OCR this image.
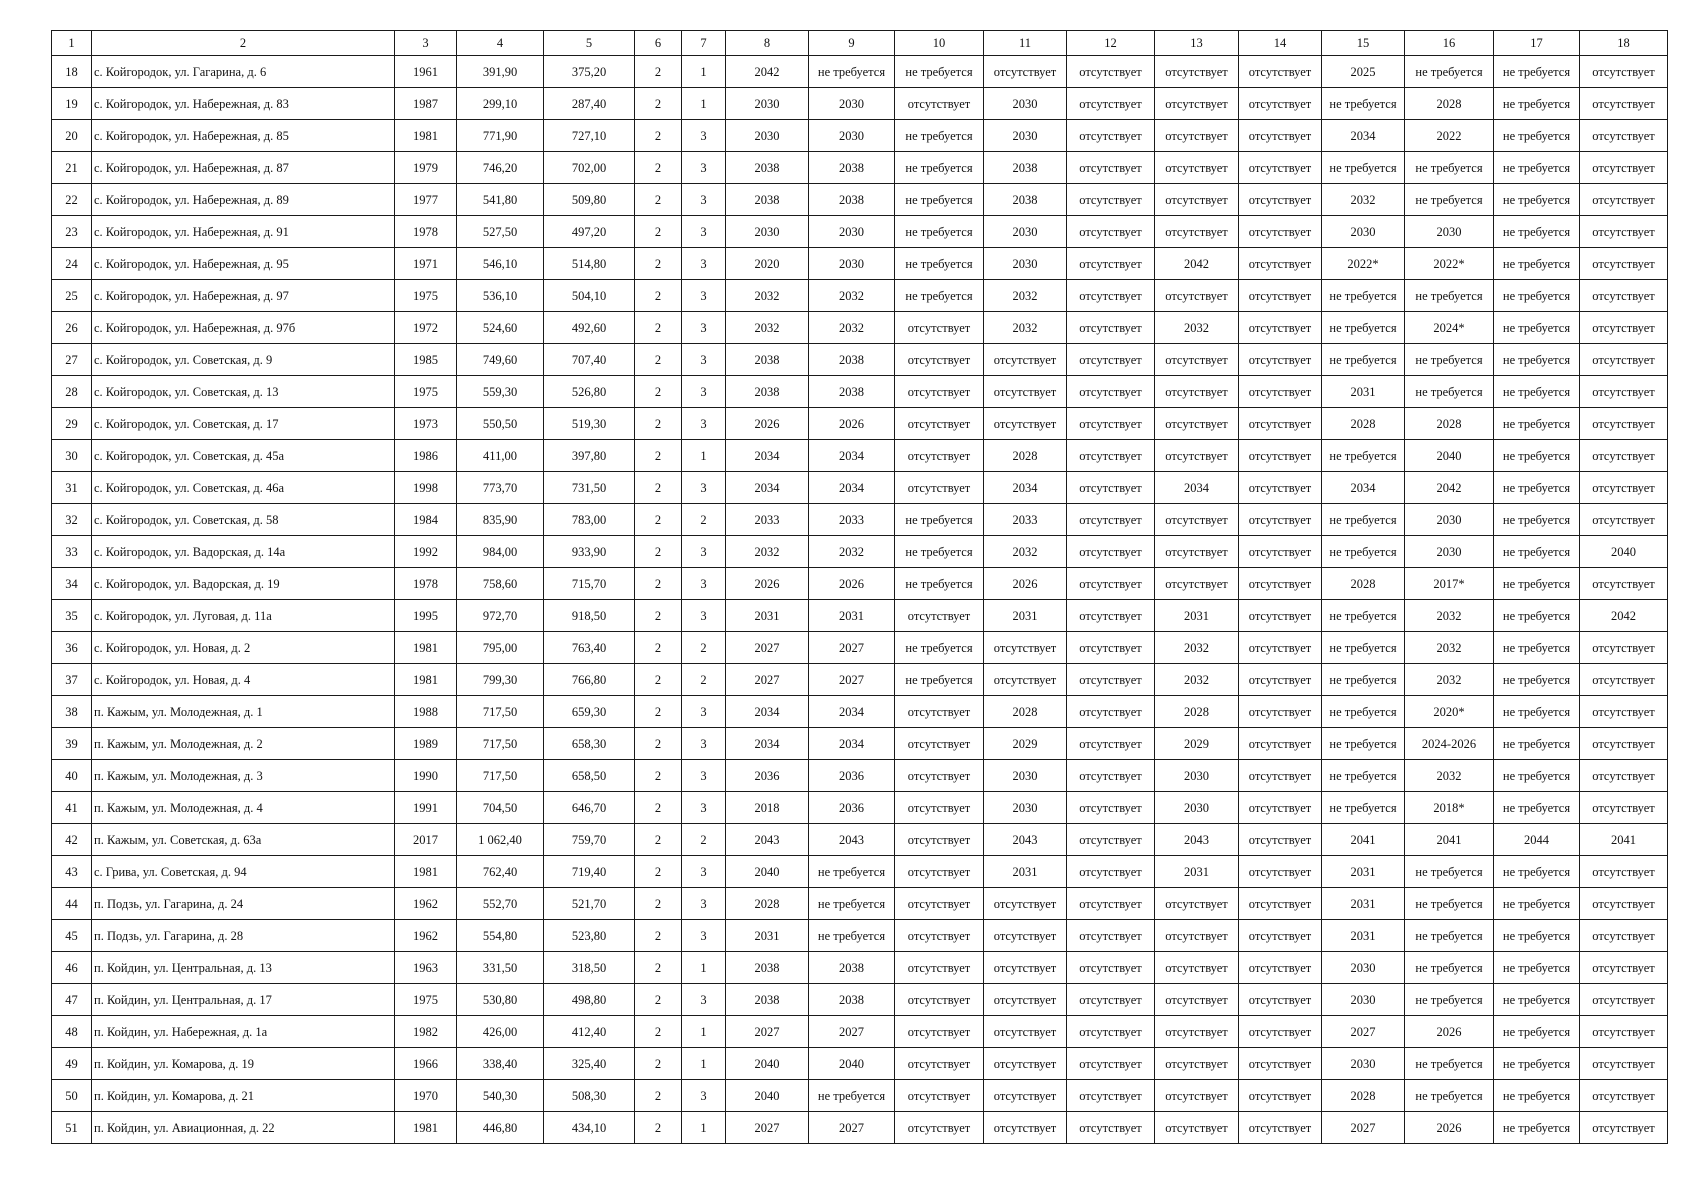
1	2	3	4	5	6	7	8	9	10	11	12	13	14	15	16	17	18
18	с. Койгородок, ул. Гагарина, д. 6	1961	391,90	375,20	2	1	2042	не требуется	не требуется	отсутствует	отсутствует	отсутствует	отсутствует	2025	не требуется	не требуется	отсутствует
19	с. Койгородок, ул. Набережная, д. 83	1987	299,10	287,40	2	1	2030	2030	отсутствует	2030	отсутствует	отсутствует	отсутствует	не требуется	2028	не требуется	отсутствует
20	с. Койгородок, ул. Набережная, д. 85	1981	771,90	727,10	2	3	2030	2030	не требуется	2030	отсутствует	отсутствует	отсутствует	2034	2022	не требуется	отсутствует
21	с. Койгородок, ул. Набережная, д. 87	1979	746,20	702,00	2	3	2038	2038	не требуется	2038	отсутствует	отсутствует	отсутствует	не требуется	не требуется	не требуется	отсутствует
22	с. Койгородок, ул. Набережная, д. 89	1977	541,80	509,80	2	3	2038	2038	не требуется	2038	отсутствует	отсутствует	отсутствует	2032	не требуется	не требуется	отсутствует
23	с. Койгородок, ул. Набережная, д. 91	1978	527,50	497,20	2	3	2030	2030	не требуется	2030	отсутствует	отсутствует	отсутствует	2030	2030	не требуется	отсутствует
24	с. Койгородок, ул. Набережная, д. 95	1971	546,10	514,80	2	3	2020	2030	не требуется	2030	отсутствует	2042	отсутствует	2022*	2022*	не требуется	отсутствует
25	с. Койгородок, ул. Набережная, д. 97	1975	536,10	504,10	2	3	2032	2032	не требуется	2032	отсутствует	отсутствует	отсутствует	не требуется	не требуется	не требуется	отсутствует
26	с. Койгородок, ул. Набережная, д. 97б	1972	524,60	492,60	2	3	2032	2032	отсутствует	2032	отсутствует	2032	отсутствует	не требуется	2024*	не требуется	отсутствует
27	с. Койгородок, ул. Советская, д. 9	1985	749,60	707,40	2	3	2038	2038	отсутствует	отсутствует	отсутствует	отсутствует	отсутствует	не требуется	не требуется	не требуется	отсутствует
28	с. Койгородок, ул. Советская, д. 13	1975	559,30	526,80	2	3	2038	2038	отсутствует	отсутствует	отсутствует	отсутствует	отсутствует	2031	не требуется	не требуется	отсутствует
29	с. Койгородок, ул. Советская, д. 17	1973	550,50	519,30	2	3	2026	2026	отсутствует	отсутствует	отсутствует	отсутствует	отсутствует	2028	2028	не требуется	отсутствует
30	с. Койгородок, ул. Советская, д. 45а	1986	411,00	397,80	2	1	2034	2034	отсутствует	2028	отсутствует	отсутствует	отсутствует	не требуется	2040	не требуется	отсутствует
31	с. Койгородок, ул. Советская, д. 46а	1998	773,70	731,50	2	3	2034	2034	отсутствует	2034	отсутствует	2034	отсутствует	2034	2042	не требуется	отсутствует
32	с. Койгородок, ул. Советская, д. 58	1984	835,90	783,00	2	2	2033	2033	не требуется	2033	отсутствует	отсутствует	отсутствует	не требуется	2030	не требуется	отсутствует
33	с. Койгородок, ул. Вадорская, д. 14а	1992	984,00	933,90	2	3	2032	2032	не требуется	2032	отсутствует	отсутствует	отсутствует	не требуется	2030	не требуется	2040
34	с. Койгородок, ул. Вадорская, д. 19	1978	758,60	715,70	2	3	2026	2026	не требуется	2026	отсутствует	отсутствует	отсутствует	2028	2017*	не требуется	отсутствует
35	с. Койгородок, ул. Луговая, д. 11а	1995	972,70	918,50	2	3	2031	2031	отсутствует	2031	отсутствует	2031	отсутствует	не требуется	2032	не требуется	2042
36	с. Койгородок, ул. Новая, д. 2	1981	795,00	763,40	2	2	2027	2027	не требуется	отсутствует	отсутствует	2032	отсутствует	не требуется	2032	не требуется	отсутствует
37	с. Койгородок, ул. Новая, д. 4	1981	799,30	766,80	2	2	2027	2027	не требуется	отсутствует	отсутствует	2032	отсутствует	не требуется	2032	не требуется	отсутствует
38	п. Кажым, ул. Молодежная, д. 1	1988	717,50	659,30	2	3	2034	2034	отсутствует	2028	отсутствует	2028	отсутствует	не требуется	2020*	не требуется	отсутствует
39	п. Кажым, ул. Молодежная, д. 2	1989	717,50	658,30	2	3	2034	2034	отсутствует	2029	отсутствует	2029	отсутствует	не требуется	2024-2026	не требуется	отсутствует
40	п. Кажым, ул. Молодежная, д. 3	1990	717,50	658,50	2	3	2036	2036	отсутствует	2030	отсутствует	2030	отсутствует	не требуется	2032	не требуется	отсутствует
41	п. Кажым, ул. Молодежная, д. 4	1991	704,50	646,70	2	3	2018	2036	отсутствует	2030	отсутствует	2030	отсутствует	не требуется	2018*	не требуется	отсутствует
42	п. Кажым, ул. Советская, д. 63а	2017	1 062,40	759,70	2	2	2043	2043	отсутствует	2043	отсутствует	2043	отсутствует	2041	2041	2044	2041
43	с. Грива, ул. Советская, д. 94	1981	762,40	719,40	2	3	2040	не требуется	отсутствует	2031	отсутствует	2031	отсутствует	2031	не требуется	не требуется	отсутствует
44	п. Подзь, ул. Гагарина, д. 24	1962	552,70	521,70	2	3	2028	не требуется	отсутствует	отсутствует	отсутствует	отсутствует	отсутствует	2031	не требуется	не требуется	отсутствует
45	п. Подзь, ул. Гагарина, д. 28	1962	554,80	523,80	2	3	2031	не требуется	отсутствует	отсутствует	отсутствует	отсутствует	отсутствует	2031	не требуется	не требуется	отсутствует
46	п. Койдин, ул. Центральная, д. 13	1963	331,50	318,50	2	1	2038	2038	отсутствует	отсутствует	отсутствует	отсутствует	отсутствует	2030	не требуется	не требуется	отсутствует
47	п. Койдин, ул. Центральная, д. 17	1975	530,80	498,80	2	3	2038	2038	отсутствует	отсутствует	отсутствует	отсутствует	отсутствует	2030	не требуется	не требуется	отсутствует
48	п. Койдин, ул. Набережная, д. 1а	1982	426,00	412,40	2	1	2027	2027	отсутствует	отсутствует	отсутствует	отсутствует	отсутствует	2027	2026	не требуется	отсутствует
49	п. Койдин, ул. Комарова, д. 19	1966	338,40	325,40	2	1	2040	2040	отсутствует	отсутствует	отсутствует	отсутствует	отсутствует	2030	не требуется	не требуется	отсутствует
50	п. Койдин, ул. Комарова, д. 21	1970	540,30	508,30	2	3	2040	не требуется	отсутствует	отсутствует	отсутствует	отсутствует	отсутствует	2028	не требуется	не требуется	отсутствует
51	п. Койдин, ул. Авиационная, д. 22	1981	446,80	434,10	2	1	2027	2027	отсутствует	отсутствует	отсутствует	отсутствует	отсутствует	2027	2026	не требуется	отсутствует
